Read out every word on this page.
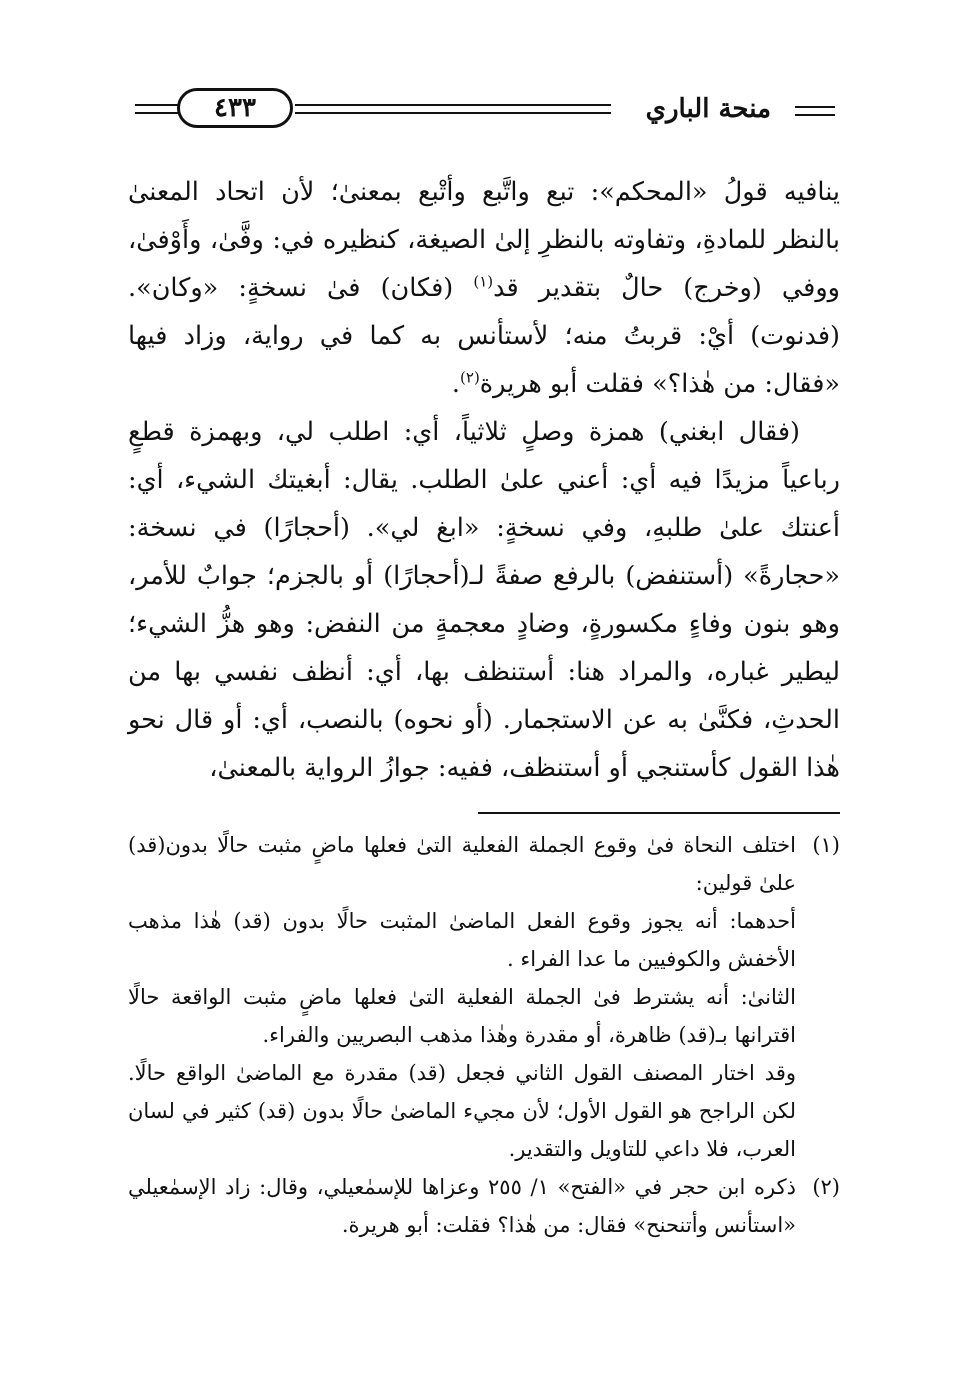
منحة الباري
٤٣٣

ينافيه قولُ «المحكم»: تبع واتَّبع وأتْبع بمعنىٰ؛ لأن اتحاد المعنىٰ بالنظر للمادةِ، وتفاوته بالنظرِ إلىٰ الصيغة، كنظيره في: وفَّىٰ، وأَوْفىٰ، ووفي (وخرج) حالٌ بتقدير قد$^{(١)}$ (فكان) فىٰ نسخةٍ: «وكان». (فدنوت) أيْ: قربتُ منه؛ لأستأنس به كما في رواية، وزاد فيها «فقال: من هٰذا؟» فقلت أبو هريرة$^{(٢)}$.

(فقال ابغني) همزة وصلٍ ثلاثياً، أي: اطلب لي، وبهمزة قطعٍ رباعياً مزيدًا فيه أي: أعني علىٰ الطلب. يقال: أبغيتك الشيء، أي: أعنتك علىٰ طلبهِ، وفي نسخةٍ: «ابغ لي». (أحجارًا) في نسخة: «حجارةً» (أستنفض) بالرفع صفةً لـ(أحجارًا) أو بالجزم؛ جوابٌ للأمر، وهو بنون وفاءٍ مكسورةٍ، وضادٍ معجمةٍ من النفض: وهو هزُّ الشيء؛ ليطير غباره، والمراد هنا: أستنظف بها، أي: أنظف نفسي بها من الحدثِ، فكنَّىٰ به عن الاستجمار. (أو نحوه) بالنصب، أي: أو قال نحو هٰذا القول كأستنجي أو أستنظف، ففيه: جوازُ الرواية بالمعنىٰ،

(١)

اختلف النحاة فىٰ وقوع الجملة الفعلية التىٰ فعلها ماضٍ مثبت حالًا بدون(قد) علىٰ قولين:

أحدهما: أنه يجوز وقوع الفعل الماضىٰ المثبت حالًا بدون (قد) هٰذا مذهب الأخفش والكوفيين ما عدا الفراء .

الثانىٰ: أنه يشترط فىٰ الجملة الفعلية التىٰ فعلها ماضٍ مثبت الواقعة حالًا اقترانها بـ(قد) ظاهرة، أو مقدرة وهٰذا مذهب البصريين والفراء.

وقد اختار المصنف القول الثاني فجعل (قد) مقدرة مع الماضىٰ الواقع حالًا. لكن الراجح هو القول الأول؛ لأن مجيء الماضىٰ حالًا بدون (قد) كثير في لسان العرب، فلا داعي للتاويل والتقدير.

(٢)

ذكره ابن حجر في «الفتح» ١/ ٢٥٥ وعزاها للإسمٰعيلي، وقال: زاد الإسمٰعيلي «استأنس وأتنحنح» فقال: من هٰذا؟ فقلت: أبو هريرة.
